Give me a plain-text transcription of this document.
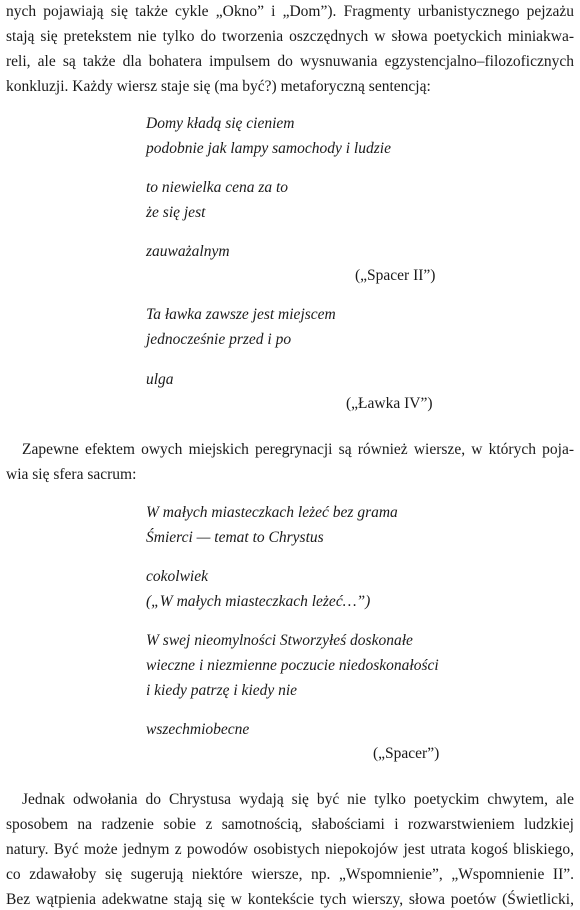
nych pojawiają się także cykle „Okno” i „Dom”). Fragmenty urbanistycznego pejzażu
stają się pretekstem nie tylko do tworzenia oszczędnych w słowa poetyckich miniakwa-
reli, ale są także dla bohatera impulsem do wysnuwania egzystencjalno–filozoficznych
konkluzji. Każdy wiersz staje się (ma być?) metaforyczną sentencją:
Domy kładą się cieniem
podobnie jak lampy samochody i ludzie
to niewielka cena za to
że się jest
zauważalnym
(„Spacer II”)
Ta ławka zawsze jest miejscem
jednocześnie przed i po
ulga
(„Ławka IV”)
Zapewne efektem owych miejskich peregrynacji są również wiersze, w których poja-
wia się sfera sacrum:
W małych miasteczkach leżeć bez grama
Śmierci — temat to Chrystus
cokolwiek
(„W małych miasteczkach leżeć…”)
W swej nieomylności Stworzyłeś doskonałe
wieczne i niezmienne poczucie niedoskonałości
i kiedy patrzę i kiedy nie
wszechmiobecne
(„Spacer”)
Jednak odwołania do Chrystusa wydają się być nie tylko poetyckim chwytem, ale
sposobem na radzenie sobie z samotnością, słabościami i rozwarstwieniem ludzkiej
natury. Być może jednym z powodów osobistych niepokojów jest utrata kogoś bliskiego,
co zdawałoby się sugerują niektóre wiersze, np. „Wspomnienie”, „Wspomnienie II”.
Bez wątpienia adekwatne stają się w kontekście tych wierszy, słowa poetów (Świetlicki,
